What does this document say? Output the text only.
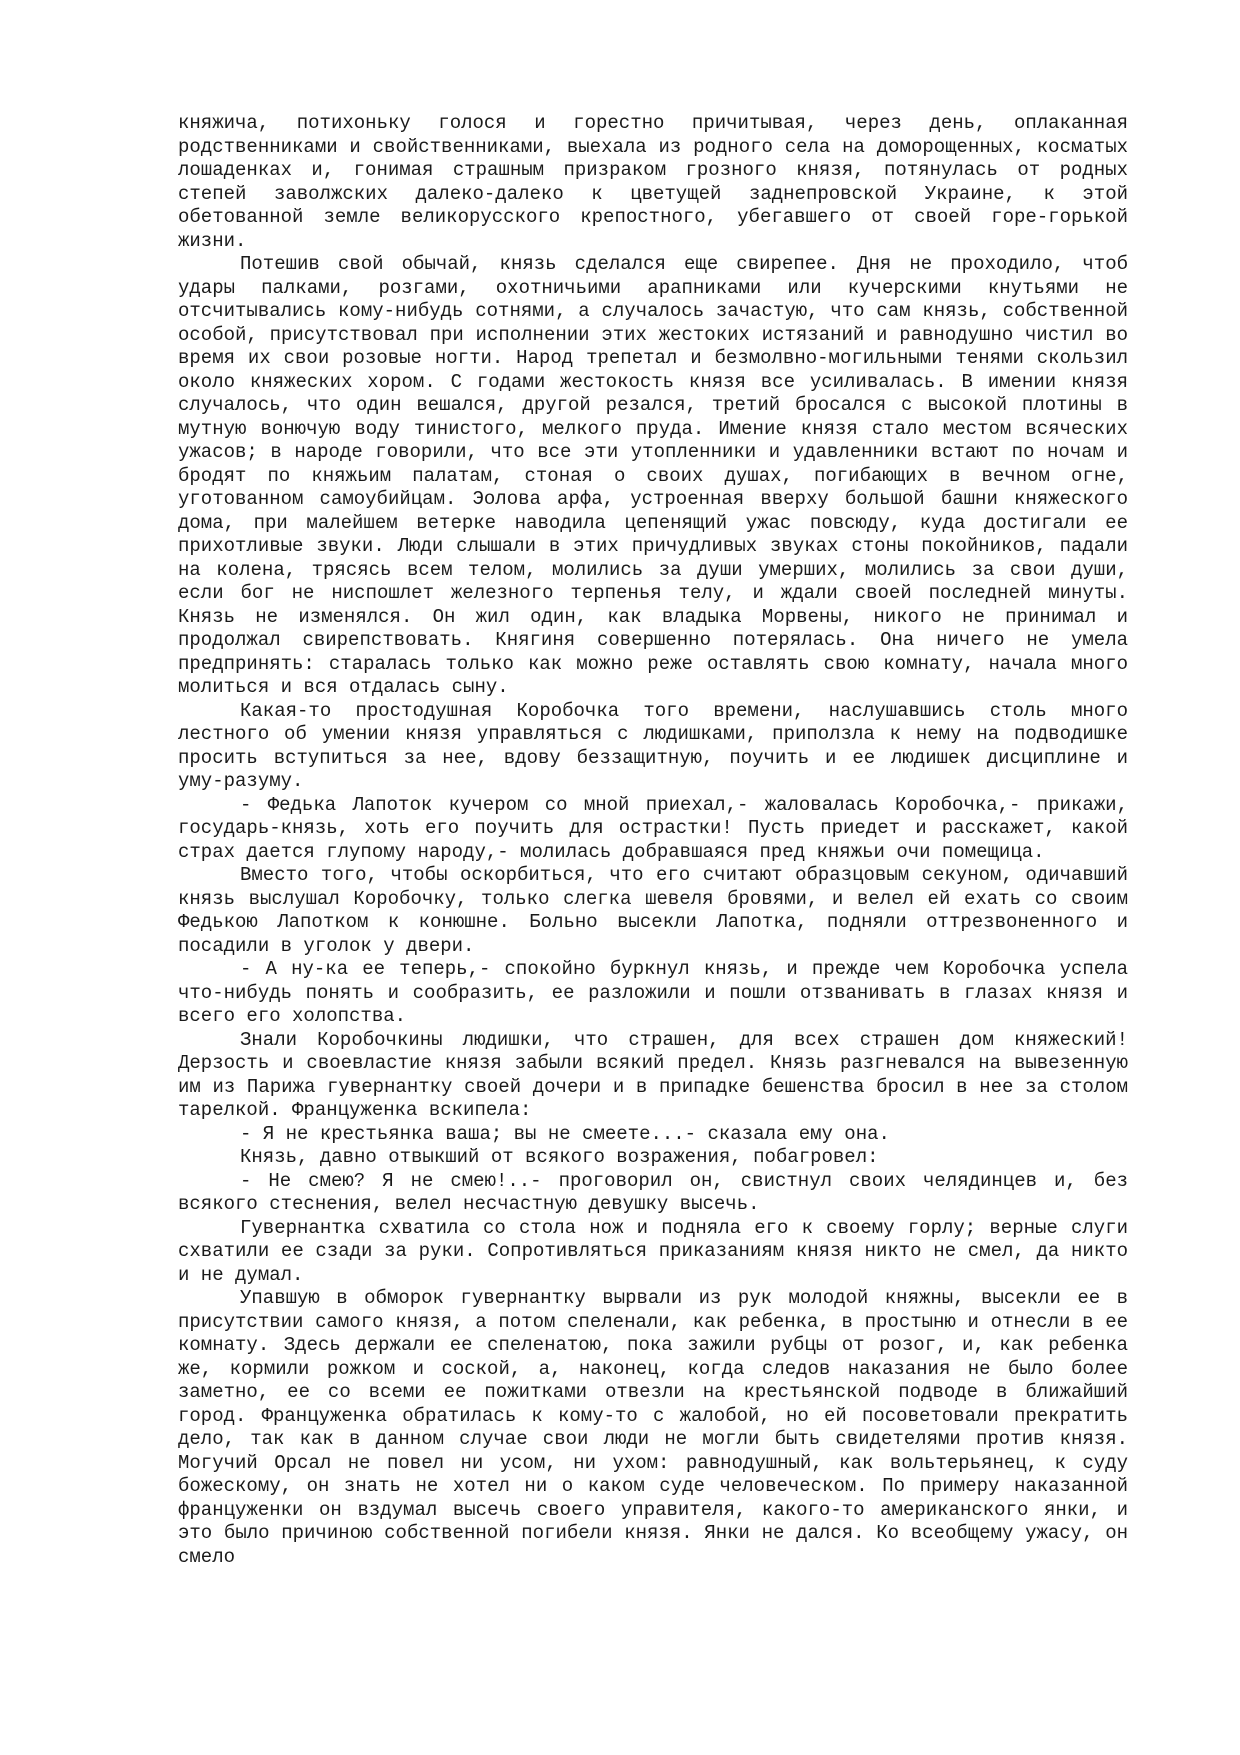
княжича, потихоньку голося и горестно причитывая, через день, оплаканная родственниками и свойственниками, выехала из родного села на доморощенных, косматых лошаденках и, гонимая страшным призраком грозного князя, потянулась от родных степей заволжских далеко-далеко к цветущей заднепровской Украине, к этой обетованной земле великорусского крепостного, убегавшего от своей горе-горькой жизни.

Потешив свой обычай, князь сделался еще свирепее. Дня не проходило, чтоб удары палками, розгами, охотничьими арапниками или кучерскими кнутьями не отсчитывались кому-нибудь сотнями, а случалось зачастую, что сам князь, собственной особой, присутствовал при исполнении этих жестоких истязаний и равнодушно чистил во время их свои розовые ногти. Народ трепетал и безмолвно-могильными тенями скользил около княжеских хором. С годами жестокость князя все усиливалась. В имении князя случалось, что один вешался, другой резался, третий бросался с высокой плотины в мутную вонючую воду тинистого, мелкого пруда. Имение князя стало местом всяческих ужасов; в народе говорили, что все эти утопленники и удавленники встают по ночам и бродят по княжьим палатам, стоная о своих душах, погибающих в вечном огне, уготованном самоубийцам. Эолова арфа, устроенная вверху большой башни княжеского дома, при малейшем ветерке наводила цепенящий ужас повсюду, куда достигали ее прихотливые звуки. Люди слышали в этих причудливых звуках стоны покойников, падали на колена, трясясь всем телом, молились за души умерших, молились за свои души, если бог не ниспошлет железного терпенья телу, и ждали своей последней минуты. Князь не изменялся. Он жил один, как владыка Морвены, никого не принимал и продолжал свирепствовать. Княгиня совершенно потерялась. Она ничего не умела предпринять: старалась только как можно реже оставлять свою комнату, начала много молиться и вся отдалась сыну.

Какая-то простодушная Коробочка того времени, наслушавшись столь много лестного об умении князя управляться с людишками, приползла к нему на подводишке просить вступиться за нее, вдову беззащитную, поучить и ее людишек дисциплине и уму-разуму.

- Федька Лапоток кучером со мной приехал,- жаловалась Коробочка,- прикажи, государь-князь, хоть его поучить для острастки! Пусть приедет и расскажет, какой страх дается глупому народу,- молилась добравшаяся пред княжьи очи помещица.

Вместо того, чтобы оскорбиться, что его считают образцовым секуном, одичавший князь выслушал Коробочку, только слегка шевеля бровями, и велел ей ехать со своим Федькою Лапотком к конюшне. Больно высекли Лапотка, подняли оттрезвоненного и посадили в уголок у двери.

- А ну-ка ее теперь,- спокойно буркнул князь, и прежде чем Коробочка успела что-нибудь понять и сообразить, ее разложили и пошли отзванивать в глазах князя и всего его холопства.

Знали Коробочкины людишки, что страшен, для всех страшен дом княжеский! Дерзость и своевластие князя забыли всякий предел. Князь разгневался на вывезенную им из Парижа гувернантку своей дочери и в припадке бешенства бросил в нее за столом тарелкой. Француженка вскипела:

- Я не крестьянка ваша; вы не смеете...- сказала ему она.

Князь, давно отвыкший от всякого возражения, побагровел:

- Не смею? Я не смею!..- проговорил он, свистнул своих челядинцев и, без всякого стеснения, велел несчастную девушку высечь.

Гувернантка схватила со стола нож и подняла его к своему горлу; верные слуги схватили ее сзади за руки. Сопротивляться приказаниям князя никто не смел, да никто и не думал.

Упавшую в обморок гувернантку вырвали из рук молодой княжны, высекли ее в присутствии самого князя, а потом спеленали, как ребенка, в простыню и отнесли в ее комнату. Здесь держали ее спеленатою, пока зажили рубцы от розог, и, как ребенка же, кормили рожком и соской, а, наконец, когда следов наказания не было более заметно, ее со всеми ее пожитками отвезли на крестьянской подводе в ближайший город. Француженка обратилась к кому-то с жалобой, но ей посоветовали прекратить дело, так как в данном случае свои люди не могли быть свидетелями против князя. Могучий Орсал не повел ни усом, ни ухом: равнодушный, как вольтерьянец, к суду божескому, он знать не хотел ни о каком суде человеческом. По примеру наказанной француженки он вздумал высечь своего управителя, какого-то американского янки, и это было причиною собственной погибели князя. Янки не дался. Ко всеобщему ужасу, он смело
